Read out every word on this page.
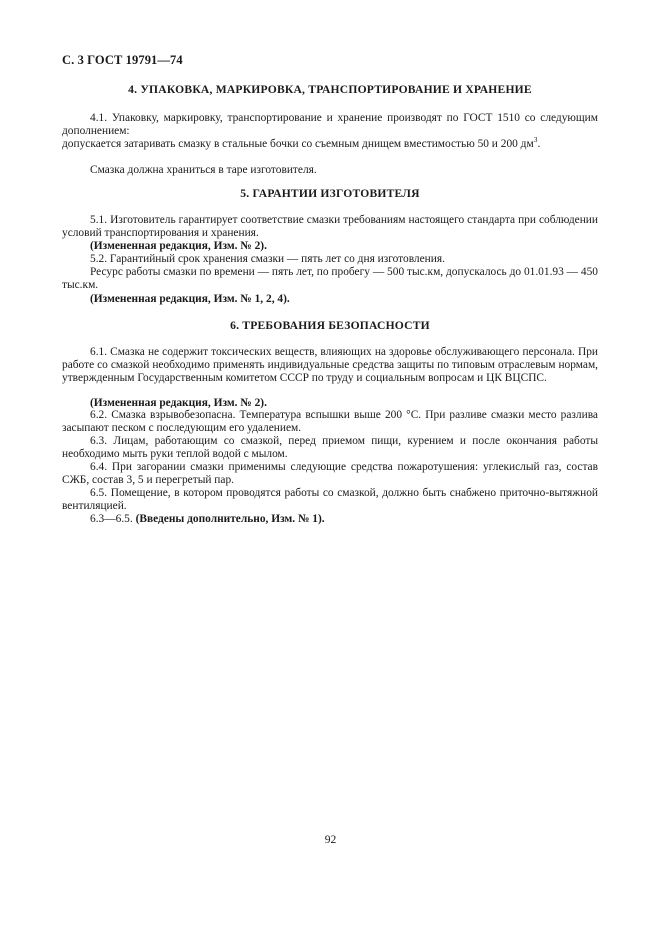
С. 3 ГОСТ 19791—74
4. УПАКОВКА, МАРКИРОВКА, ТРАНСПОРТИРОВАНИЕ И ХРАНЕНИЕ
4.1. Упаковку, маркировку, транспортирование и хранение производят по ГОСТ 1510 со следующим дополнением:
допускается затаривать смазку в стальные бочки со съемным днищем вместимостью 50 и 200 $дм^3$.
Смазка должна храниться в таре изготовителя.
5. ГАРАНТИИ ИЗГОТОВИТЕЛЯ
5.1. Изготовитель гарантирует соответствие смазки требованиям настоящего стандарта при соблюдении условий транспортирования и хранения.
(Измененная редакция, Изм. № 2).
5.2. Гарантийный срок хранения смазки — пять лет со дня изготовления.
Ресурс работы смазки по времени — пять лет, по пробегу — 500 тыс.км, допускалось до 01.01.93 — 450 тыс.км.
(Измененная редакция, Изм. № 1, 2, 4).
6. ТРЕБОВАНИЯ БЕЗОПАСНОСТИ
6.1. Смазка не содержит токсических веществ, влияющих на здоровье обслуживающего персонала. При работе со смазкой необходимо применять индивидуальные средства защиты по типовым отраслевым нормам, утвержденным Государственным комитетом СССР по труду и социальным вопросам и ЦК ВЦСПС.
(Измененная редакция, Изм. № 2).
6.2. Смазка взрывобезопасна. Температура вспышки выше 200 °С. При разливе смазки место разлива засыпают песком с последующим его удалением.
6.3. Лицам, работающим со смазкой, перед приемом пищи, курением и после окончания работы необходимо мыть руки теплой водой с мылом.
6.4. При загорании смазки применимы следующие средства пожаротушения: углекислый газ, состав СЖБ, состав 3, 5 и перегретый пар.
6.5. Помещение, в котором проводятся работы со смазкой, должно быть снабжено приточно-вытяжной вентиляцией.
6.3—6.5. (Введены дополнительно, Изм. № 1).
92
